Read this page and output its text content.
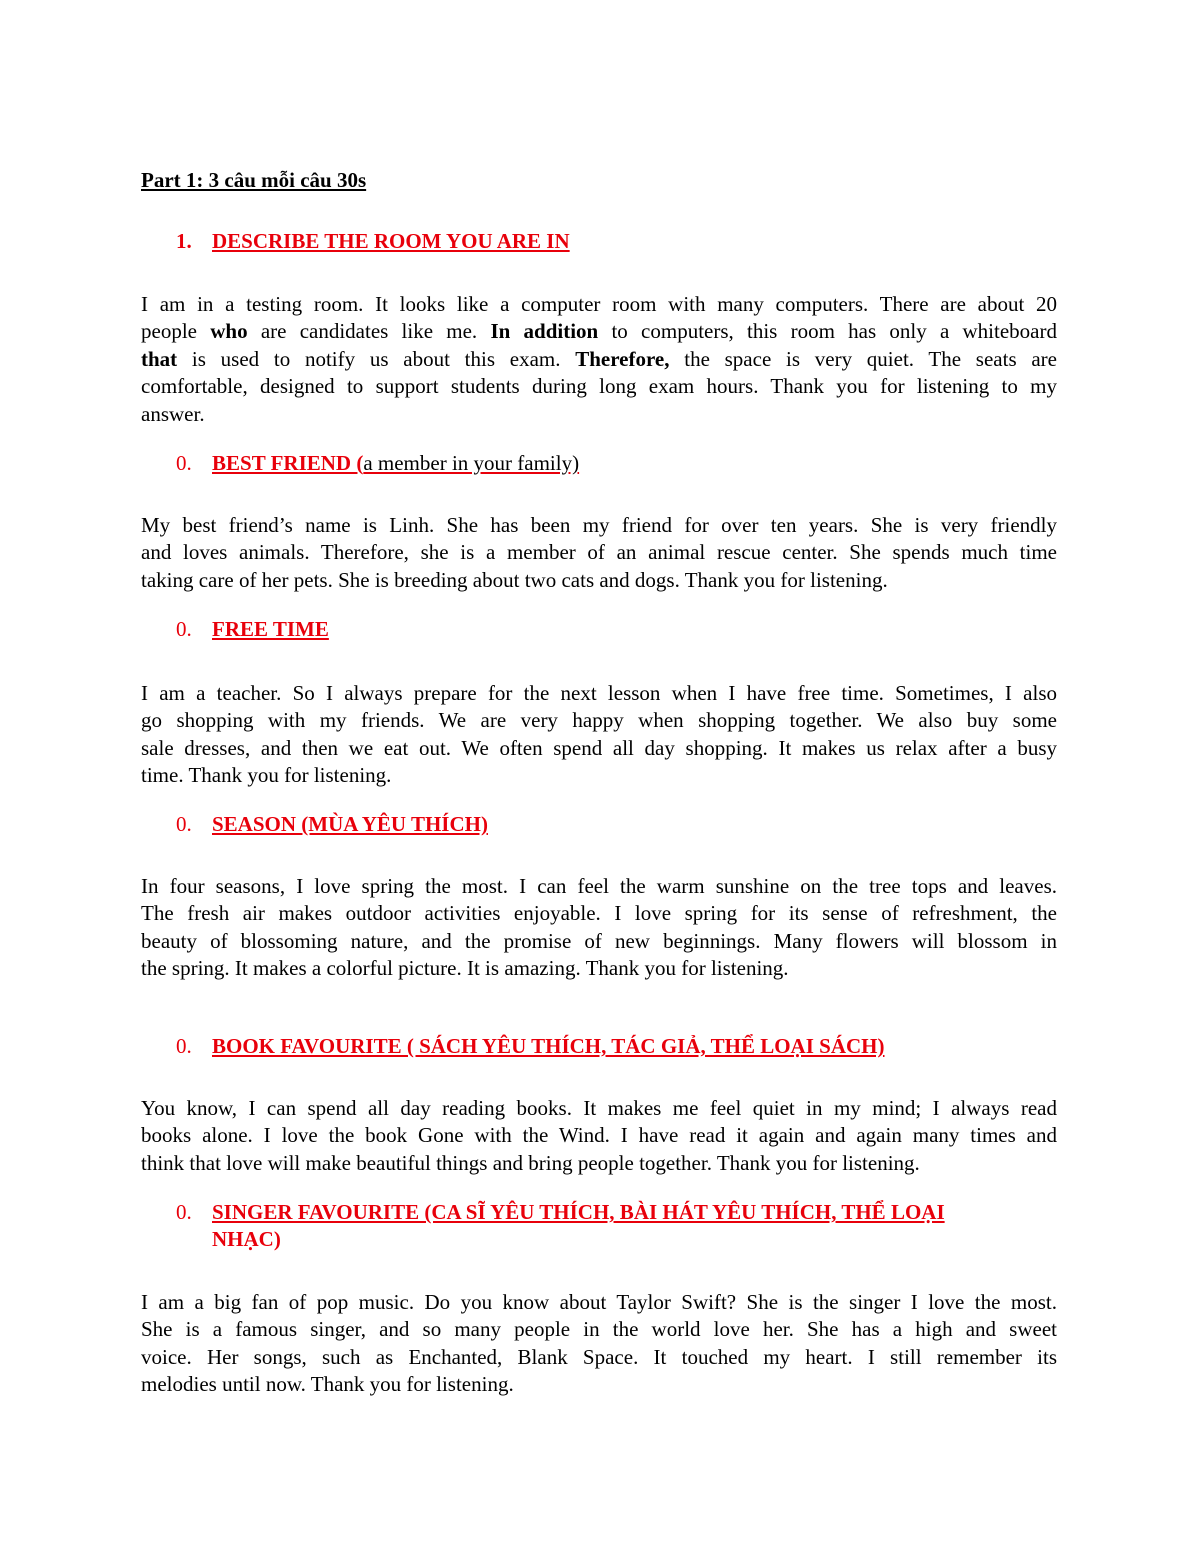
Part 1: 3 câu mỗi câu 30s
1. DESCRIBE THE ROOM YOU ARE IN
I am in a testing room. It looks like a computer room with many computers. There are about 20
people who are candidates like me. In addition to computers, this room has only a whiteboard
that is used to notify us about this exam. Therefore, the space is very quiet. The seats are
comfortable, designed to support students during long exam hours. Thank you for listening to my
answer.
0. BEST FRIEND (a member in your family)
My best friend’s name is Linh. She has been my friend for over ten years. She is very friendly
and loves animals. Therefore, she is a member of an animal rescue center. She spends much time
taking care of her pets. She is breeding about two cats and dogs. Thank you for listening.
0. FREE TIME
I am a teacher. So I always prepare for the next lesson when I have free time. Sometimes, I also
go shopping with my friends. We are very happy when shopping together. We also buy some
sale dresses, and then we eat out. We often spend all day shopping. It makes us relax after a busy
time. Thank you for listening.
0. SEASON (MÙA YÊU THÍCH)
In four seasons, I love spring the most. I can feel the warm sunshine on the tree tops and leaves.
The fresh air makes outdoor activities enjoyable. I love spring for its sense of refreshment, the
beauty of blossoming nature, and the promise of new beginnings. Many flowers will blossom in
the spring. It makes a colorful picture. It is amazing. Thank you for listening.
0. BOOK FAVOURITE ( SÁCH YÊU THÍCH, TÁC GIẢ, THỂ LOẠI SÁCH)
You know, I can spend all day reading books. It makes me feel quiet in my mind; I always read
books alone. I love the book Gone with the Wind. I have read it again and again many times and
think that love will make beautiful things and bring people together. Thank you for listening.
0. SINGER FAVOURITE (CA SĨ YÊU THÍCH, BÀI HÁT YÊU THÍCH, THỂ LOẠI
NHẠC)
I am a big fan of pop music. Do you know about Taylor Swift? She is the singer I love the most.
She is a famous singer, and so many people in the world love her. She has a high and sweet
voice. Her songs, such as Enchanted, Blank Space. It touched my heart. I still remember its
melodies until now. Thank you for listening.
